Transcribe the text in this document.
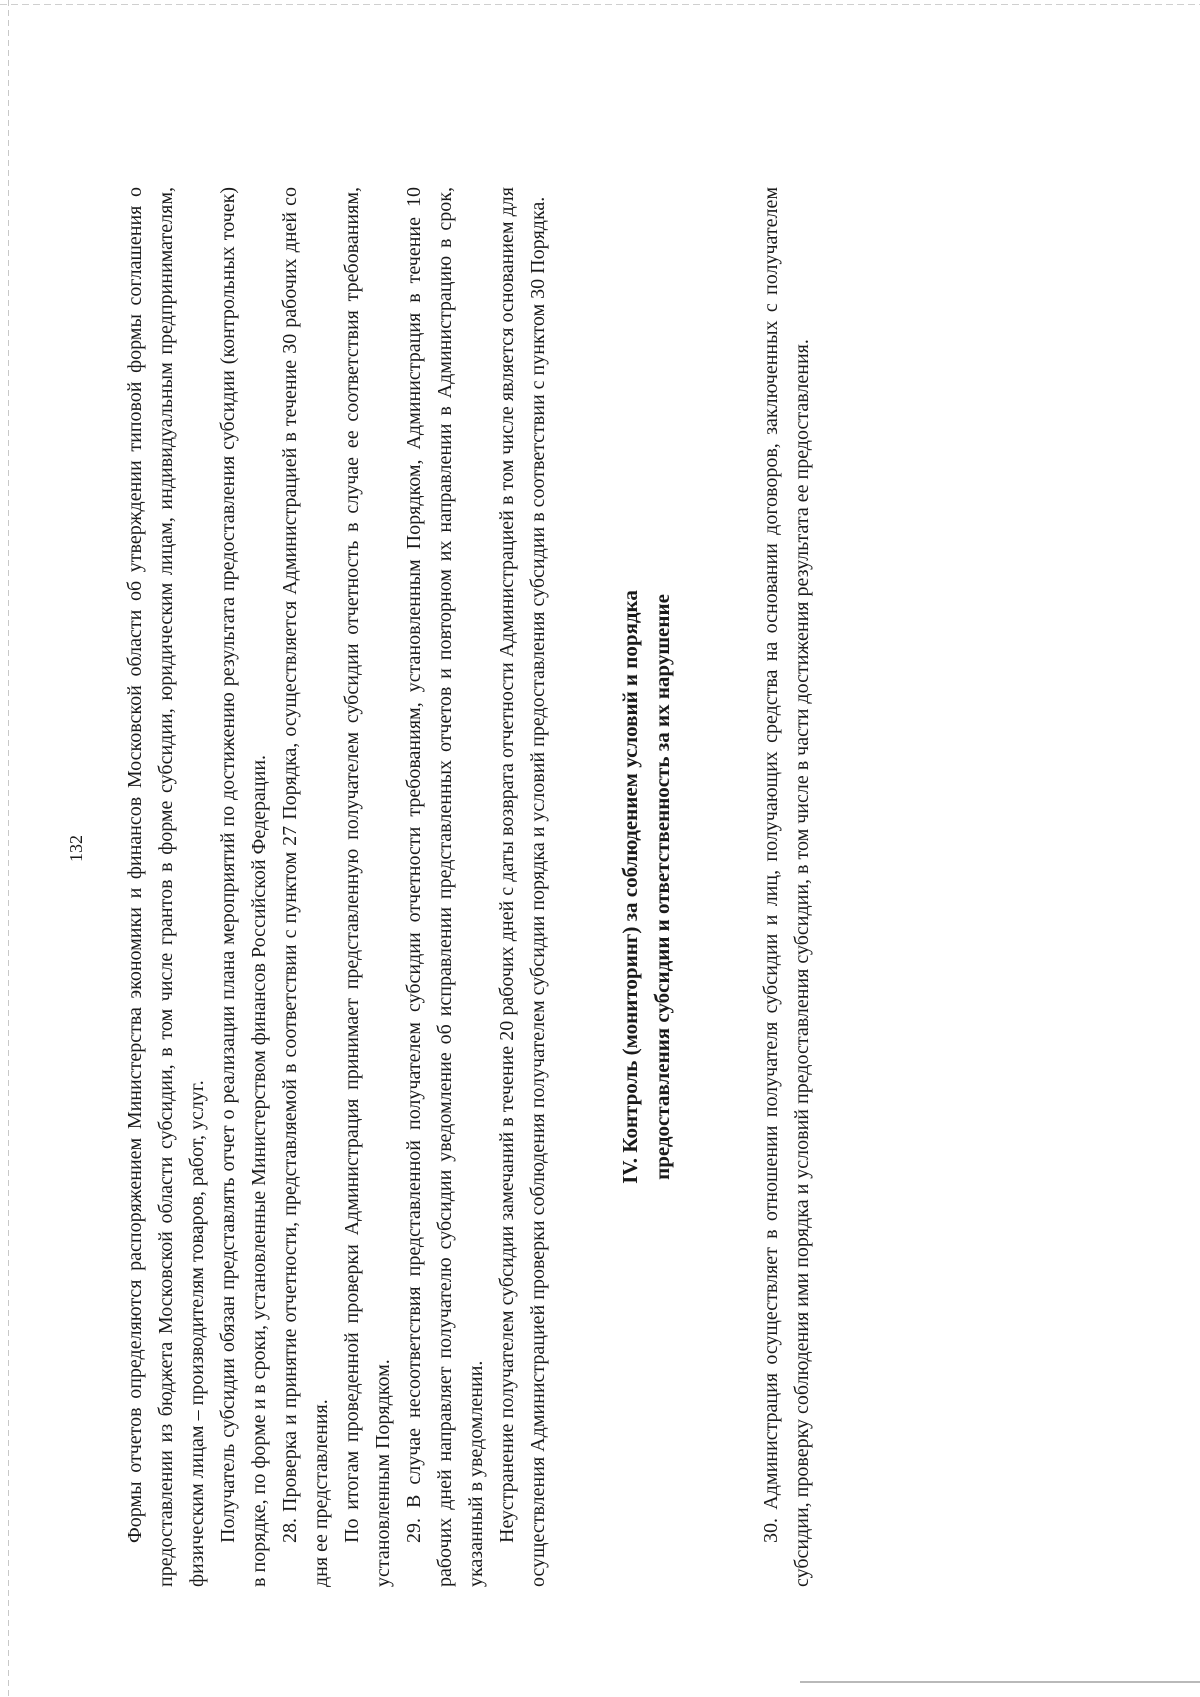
132 Формы отчетов определяются распоряжением Министерства экономики и финансов Московской области об утверждении типовой формы соглашения о предоставлении из бюджета Московской области субсидии, в том числе грантов в форме субсидии, юридическим лицам, индивидуальным предпринимателям, физическим лицам – производителям товаров, работ, услуг. Получатель субсидии обязан представлять отчет о реализации плана мероприятий по достижению результата предоставления субсидии (контрольных точек) в порядке, по форме и в сроки, установленные Министерством финансов Российской Федерации. 28. Проверка и принятие отчетности, представляемой в соответствии с пунктом 27 Порядка, осуществляется Администрацией в течение 30 рабочих дней со дня ее представления. По итогам проведенной проверки Администрация принимает представленную получателем субсидии отчетность в случае ее соответствия требованиям, установленным Порядком. 29. В случае несоответствия представленной получателем субсидии отчетности требованиям, установленным Порядком, Администрация в течение 10 рабочих дней направляет получателю субсидии уведомление об исправлении представленных отчетов и повторном их направлении в Администрацию в срок, указанный в уведомлении. Неустранение получателем субсидии замечаний в течение 20 рабочих дней с даты возврата отчетности Администрацией в том числе является основанием для осуществления Администрацией проверки соблюдения получателем субсидии порядка и условий предоставления субсидии в соответствии с пунктом 30 Порядка.	IV. Контроль (мониторинг) за соблюдением условий и порядка предоставления субсидии и ответственность за их нарушение	30. Администрация осуществляет в отношении получателя субсидии и лиц, получающих средства на основании договоров, заключенных с получателем субсидии, проверку соблюдения ими порядка и условий предоставления субсидии, в том числе в части достижения результата ее предоставления.
